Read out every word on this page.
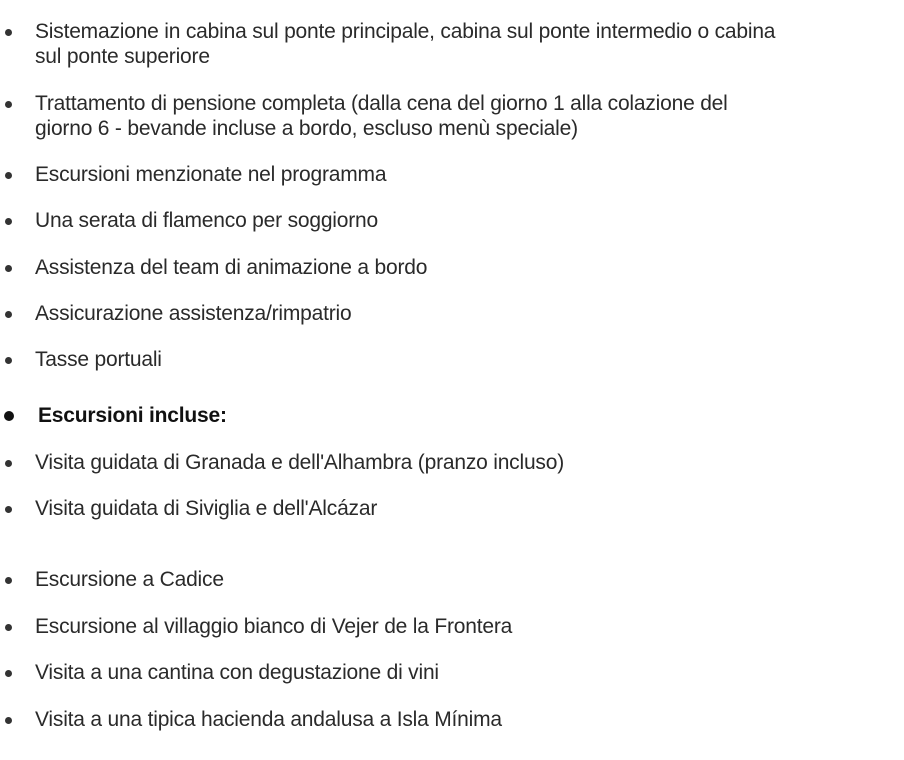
Sistemazione in cabina sul ponte principale, cabina sul ponte intermedio o cabina
sul ponte superiore
Trattamento di pensione completa (dalla cena del giorno 1 alla colazione del
giorno 6 - bevande incluse a bordo, escluso menù speciale)
Escursioni menzionate nel programma
Una serata di flamenco per soggiorno
Assistenza del team di animazione a bordo
Assicurazione assistenza/rimpatrio
Tasse portuali
Escursioni incluse:
Visita guidata di Granada e dell'Alhambra (pranzo incluso)
Visita guidata di Siviglia e dell'Alcázar
Escursione a Cadice
Escursione al villaggio bianco di Vejer de la Frontera
Visita a una cantina con degustazione di vini
Visita a una tipica hacienda andalusa a Isla Mínima
